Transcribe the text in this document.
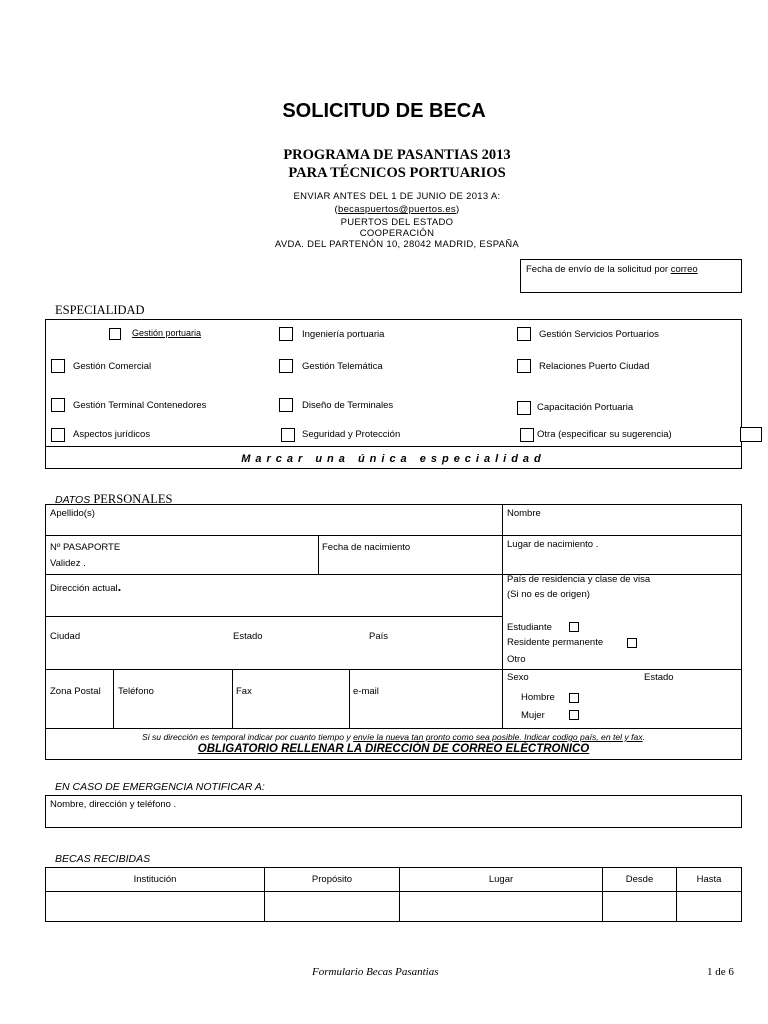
SOLICITUD DE BECA
PROGRAMA DE PASANTIAS 2013
PARA TÉCNICOS PORTUARIOS
ENVIAR ANTES DEL 1 DE JUNIO DE 2013 A:
(becaspuertos@puertos.es)
PUERTOS DEL ESTADO
COOPERACIÓN
AVDA. DEL PARTENÓN 10, 28042 MADRID, ESPAÑA
Fecha de envío de la solicitud por correo
ESPECIALIDAD
Gestión portuaria	Ingeniería portuaria	Gestión Servicios Portuarios
Gestión Comercial	Gestión Telemática	Relaciones Puerto Ciudad
Gestión Terminal Contenedores	Diseño de Terminales	Capacitación Portuaria
Aspectos jurídicos	Seguridad y Protección	Otra (especificar su sugerencia)
Marcar una única especialidad
DATOS PERSONALES
Apellido(s)	Nombre
Nº PASAPORTE
Validez .
Fecha de nacimiento	Lugar de nacimiento .
Dirección actual.	País de residencia y clase de visa
(Si no es de origen)
Ciudad	Estado	País
Estudiante
Residente permanente
Otro
Zona Postal Teléfono	Fax	e-mail
Sexo	Estado
Hombre
Mujer
Si su dirección es temporal indicar por cuanto tiempo y envíe la nueva tan pronto como sea posible. Indicar codigo país, en tel y fax.
OBLIGATORIO RELLENAR LA DIRECCIÓN DE CORREO ELÉCTRONICO
EN CASO DE EMERGENCIA NOTIFICAR A:
Nombre, dirección y teléfono .
BECAS RECIBIDAS
Institución	Propósito	Lugar	Desde	Hasta

Formulario Becas Pasantias	1 de 6
